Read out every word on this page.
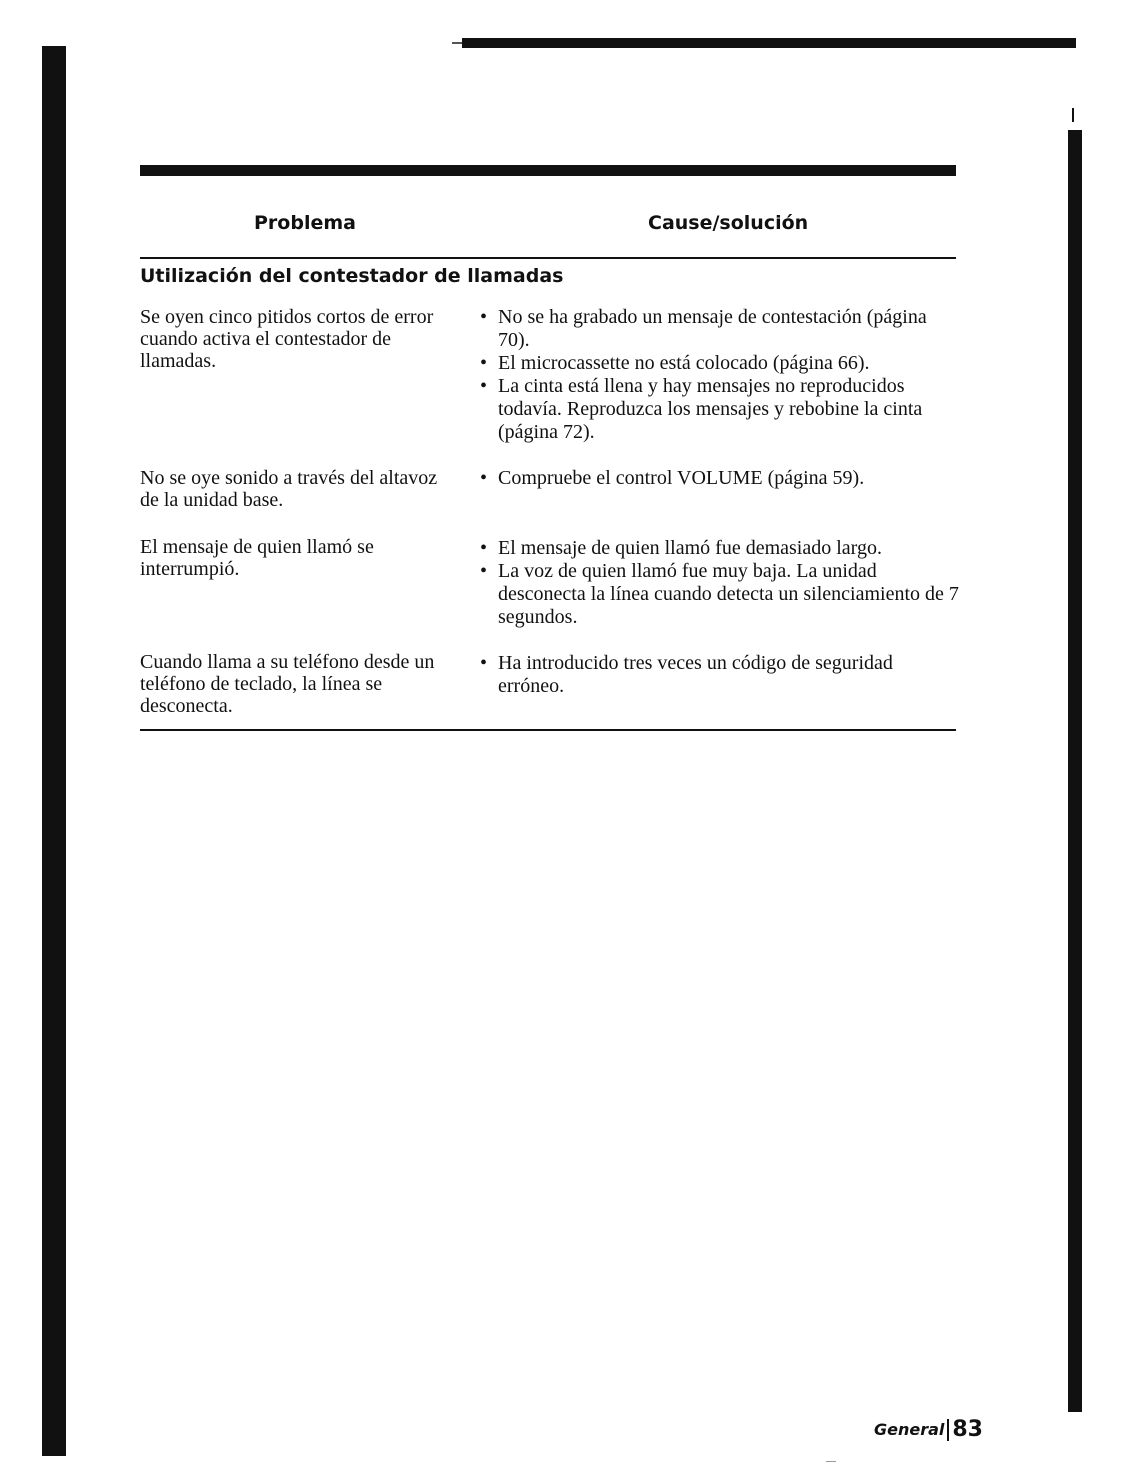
Problema	Cause/solución
Utilización del contestador de llamadas
Se oyen cinco pitidos cortos de error cuando activa el contestador de llamadas.
• No se ha grabado un mensaje de contestación (página 70).
• El microcassette no está colocado (página 66).
• La cinta está llena y hay mensajes no reproducidos todavía. Reproduzca los mensajes y rebobine la cinta (página 72).
No se oye sonido a través del altavoz de la unidad base.
• Compruebe el control VOLUME (página 59).
El mensaje de quien llamó se interrumpió.
• El mensaje de quien llamó fue demasiado largo.
• La voz de quien llamó fue muy baja. La unidad desconecta la línea cuando detecta un silenciamiento de 7 segundos.
Cuando llama a su teléfono desde un teléfono de teclado, la línea se desconecta.
• Ha introducido tres veces un código de seguridad erróneo.
General 83
